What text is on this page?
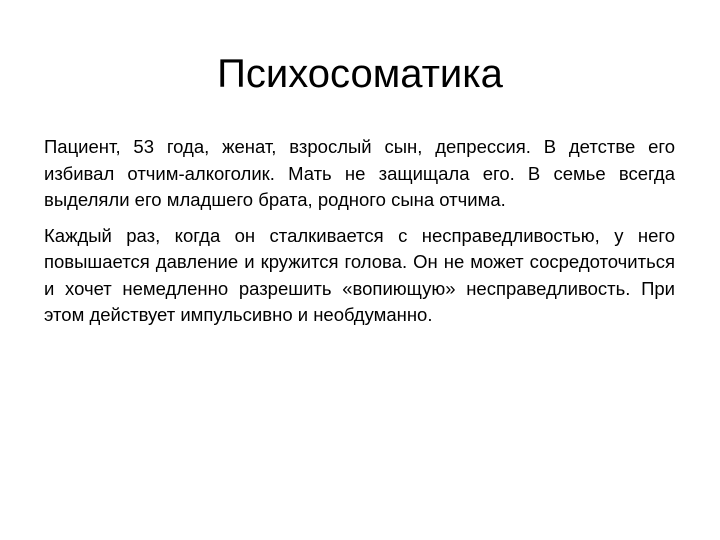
Психосоматика

Пациент, 53 года, женат, взрослый сын, депрессия. В детстве его избивал отчим-алкоголик. Мать не защищала его. В семье всегда выделяли его младшего брата, родного сына отчима.

Каждый раз, когда он сталкивается с несправедливостью, у него повышается давление и кружится голова. Он не может сосредоточиться и хочет немедленно разрешить «вопиющую» несправедливость. При этом действует импульсивно и необдуманно.
